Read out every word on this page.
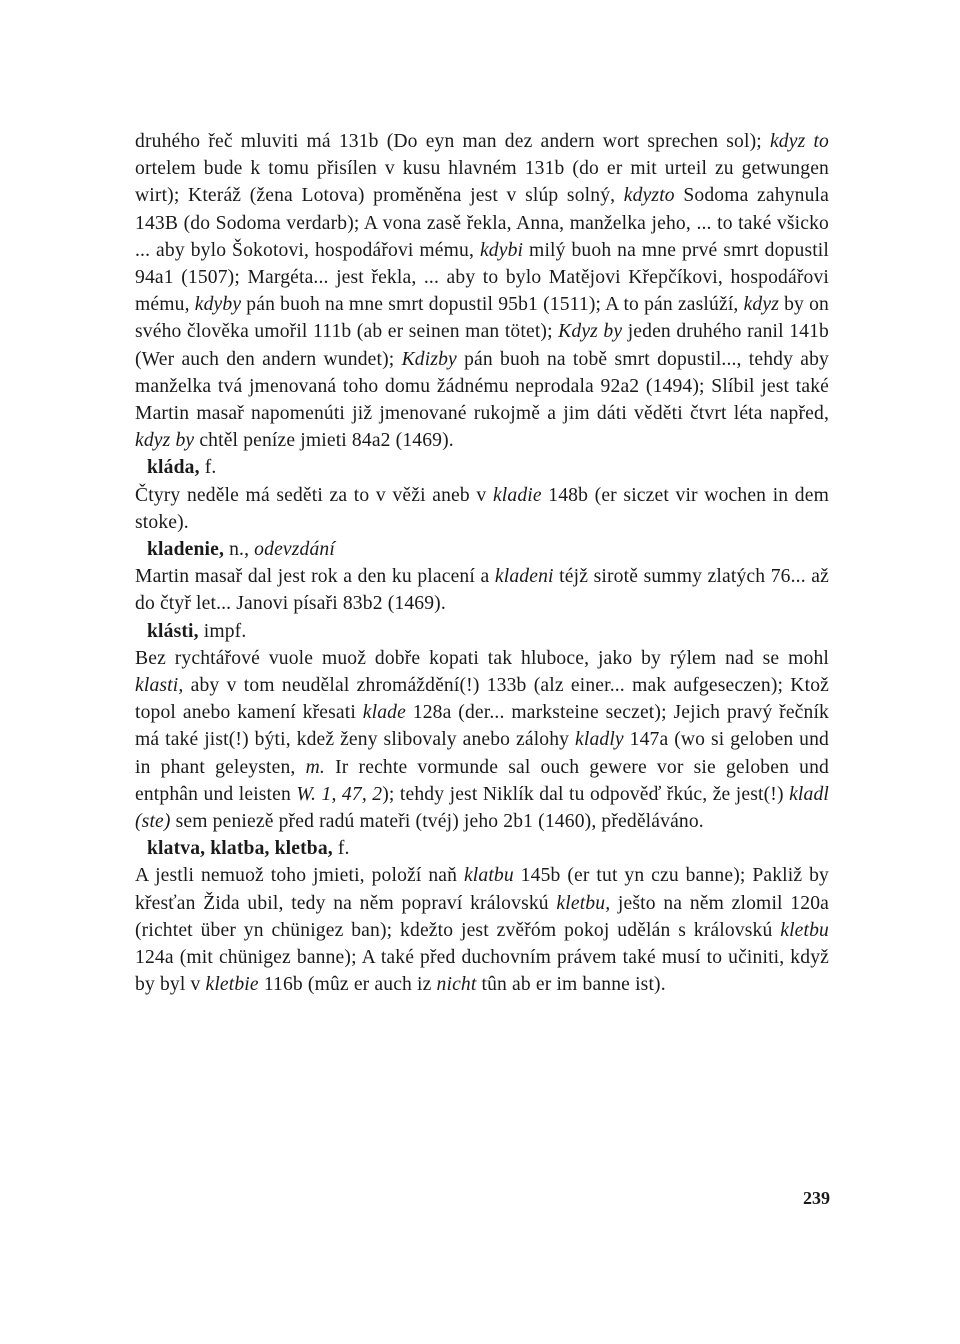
druhého řeč mluviti má 131b (Do eyn man dez andern wort sprechen sol); kdyz to ortelem bude k tomu přisílen v kusu hlavném 131b (do er mit urteil zu getwungen wirt); Kteráž (žena Lotova) proměněna jest v slúp solný, kdyzto Sodoma zahynula 143B (do Sodoma verdarb); A vona zasě řekla, Anna, manželka jeho, ... to také všicko ... aby bylo Šokotovi, hospodářovi mému, kdybi milý buoh na mne prvé smrt dopustil 94a1 (1507); Margéta... jest řekla, ... aby to bylo Matějovi Křepčíkovi, hospodářovi mému, kdyby pán buoh na mne smrt dopustil 95b1 (1511); A to pán zaslúží, kdyz by on svého člověka umořil 111b (ab er seinen man tötet); Kdyz by jeden druhého ranil 141b (Wer auch den andern wundet); Kdizby pán buoh na tobě smrt dopustil..., tehdy aby manželka tvá jmenovaná toho domu žádnému neprodala 92a2 (1494); Slíbil jest také Martin masař napomenúti již jmenované rukojmě a jim dáti věděti čtvrt léta napřed, kdyz by chtěl peníze jmieti 84a2 (1469).

kláda, f.

Čtyry neděle má seděti za to v věži aneb v kladie 148b (er siczet vir wochen in dem stoke).

kladenie, n., odevzdání

Martin masař dal jest rok a den ku placení a kladeni téjž sirotě summy zlatých 76... až do čtyř let... Janovi písaři 83b2 (1469).

klásti, impf.

Bez rychtářové vuole muož dobře kopati tak hluboce, jako by rýlem nad se mohl klasti, aby v tom neudělal zhromáždění(!) 133b (alz einer... mak aufgeseczen); Ktož topol anebo kamení křesati klade 128a (der... marksteine seczet); Jejich pravý řečník má také jist(!) býti, kdež ženy slibovaly anebo zálohy kladly 147a (wo si geloben und in phant geleysten, m. Ir rechte vormunde sal ouch gewere vor sie geloben und entphân und leisten W. 1, 47, 2); tehdy jest Niklík dal tu odpověď řkúc, že jest(!) kladl (ste) sem peniezě před radú mateři (tvéj) jeho 2b1 (1460), předěláváno.

klatva, klatba, kletba, f.

A jestli nemuož toho jmieti, položí naň klatbu 145b (er tut yn czu banne); Pakliž by křesťan Žida ubil, tedy na něm popraví královskú kletbu, ješto na něm zlomil 120a (richtet über yn chünigez ban); kdežto jest zvěřóm pokoj udělán s královskú kletbu 124a (mit chünigez banne); A také před duchovním právem také musí to učiniti, když by byl v kletbie 116b (mûz er auch iz nicht tûn ab er im banne ist).

239
